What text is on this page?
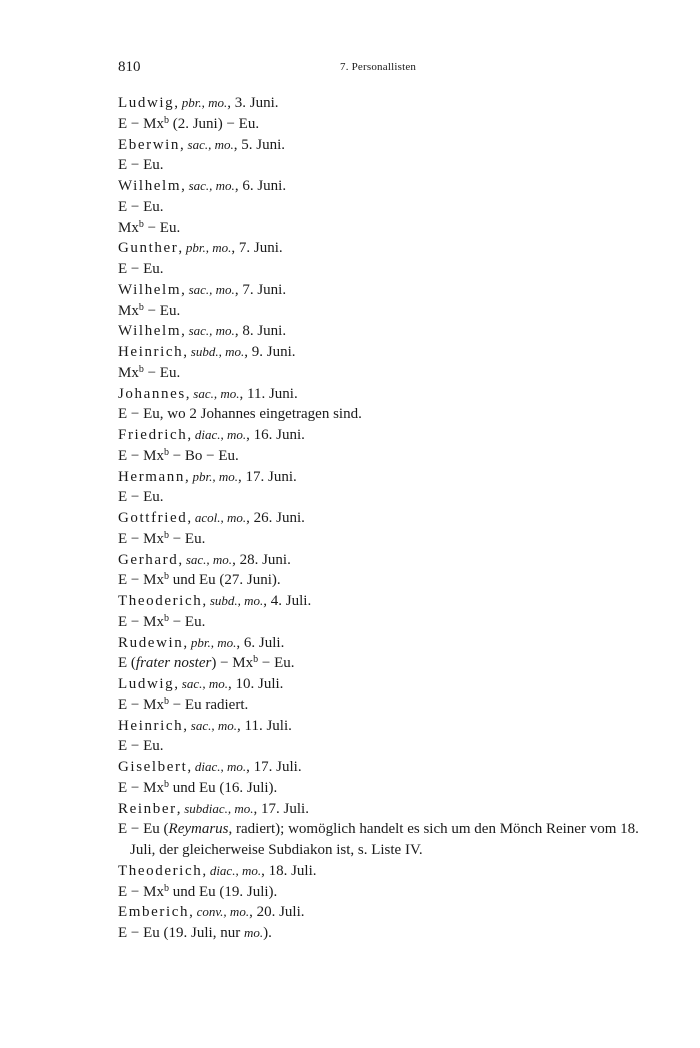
810	7. Personallisten
Ludwig, pbr., mo., 3. Juni.
$E - Mx^b$ (2. Juni) − Eu.
Eberwin, sac., mo., 5. Juni.
E − Eu.
Wilhelm, sac., mo., 6. Juni.
E − Eu.
$Mx^b - Eu$.
Gunther, pbr., mo., 7. Juni.
E − Eu.
Wilhelm, sac., mo., 7. Juni.
$Mx^b - Eu$.
Wilhelm, sac., mo., 8. Juni.
Heinrich, subd., mo., 9. Juni.
$Mx^b - Eu$.
Johannes, sac., mo., 11. Juni.
E − Eu, wo 2 Johannes eingetragen sind.
Friedrich, diac., mo., 16. Juni.
$E - Mx^b - Bo - Eu$.
Hermann, pbr., mo., 17. Juni.
E − Eu.
Gottfried, acol., mo., 26. Juni.
$E - Mx^b - Eu$.
Gerhard, sac., mo., 28. Juni.
$E - Mx^b$ und Eu (27. Juni).
Theoderich, subd., mo., 4. Juli.
$E - Mx^b - Eu$.
Rudewin, pbr., mo., 6. Juli.
E (frater noster) − $Mx^b - Eu$.
Ludwig, sac., mo., 10. Juli.
$E - Mx^b - Eu$ radiert.
Heinrich, sac., mo., 11. Juli.
E − Eu.
Giselbert, diac., mo., 17. Juli.
$E - Mx^b$ und Eu (16. Juli).
Reinber, subdiac., mo., 17. Juli.
E − Eu (Reymarus, radiert); womöglich handelt es sich um den Mönch Reiner vom 18. Juli, der gleicherweise Subdiakon ist, s. Liste IV.
Theoderich, diac., mo., 18. Juli.
$E - Mx^b$ und Eu (19. Juli).
Emberich, conv., mo., 20. Juli.
E − Eu (19. Juli, nur mo.).
